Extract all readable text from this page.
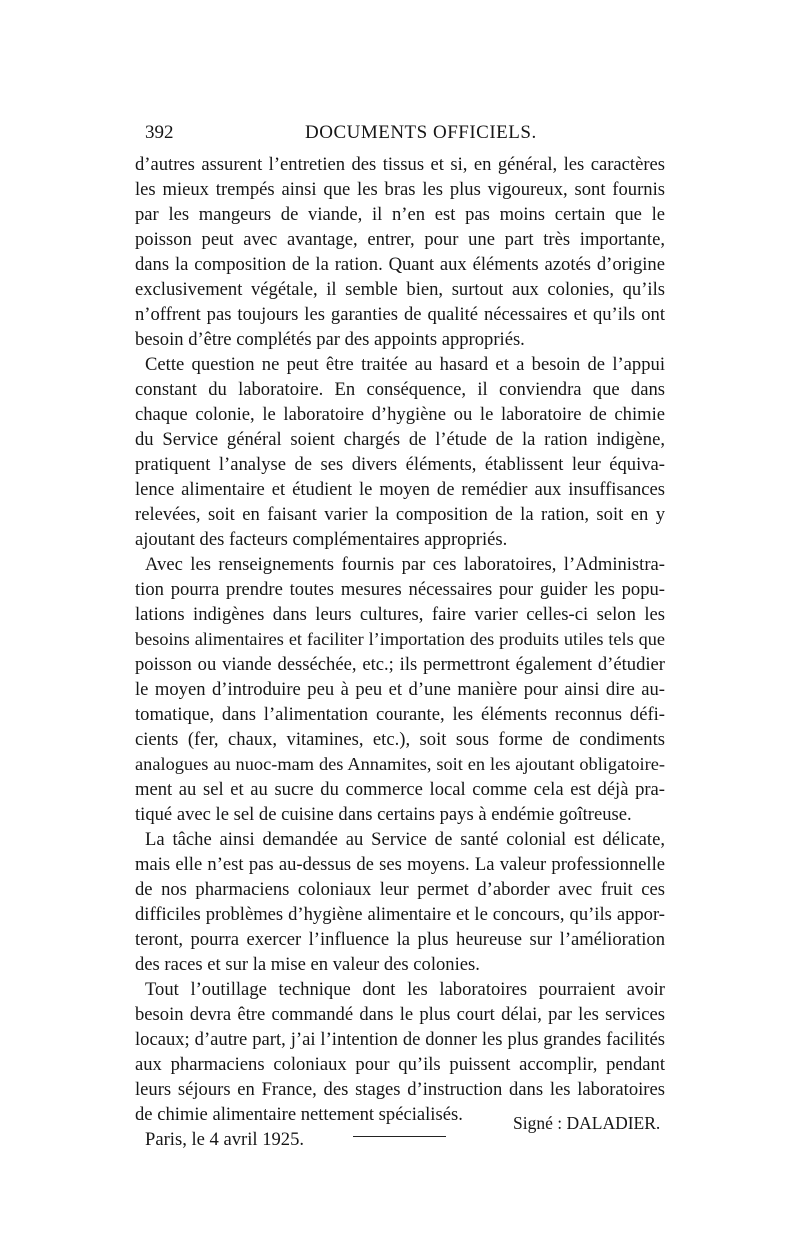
392	DOCUMENTS OFFICIELS.
d’autres assurent l’entretien des tissus et si, en général, les caractères
les mieux trempés ainsi que les bras les plus vigoureux, sont fournis
par les mangeurs de viande, il n’en est pas moins certain que le
poisson peut avec avantage, entrer, pour une part très importante,
dans la composition de la ration. Quant aux éléments azotés d’origine
exclusivement végétale, il semble bien, surtout aux colonies, qu’ils
n’offrent pas toujours les garanties de qualité nécessaires et qu’ils ont
besoin d’être complétés par des appoints appropriés.
Cette question ne peut être traitée au hasard et a besoin de l’appui
constant du laboratoire. En conséquence, il conviendra que dans
chaque colonie, le laboratoire d’hygiène ou le laboratoire de chimie
du Service général soient chargés de l’étude de la ration indigène,
pratiquent l’analyse de ses divers éléments, établissent leur équiva-
lence alimentaire et étudient le moyen de remédier aux insuffisances
relevées, soit en faisant varier la composition de la ration, soit en y
ajoutant des facteurs complémentaires appropriés.
Avec les renseignements fournis par ces laboratoires, l’Administra-
tion pourra prendre toutes mesures nécessaires pour guider les popu-
lations indigènes dans leurs cultures, faire varier celles-ci selon les
besoins alimentaires et faciliter l’importation des produits utiles tels que
poisson ou viande desséchée, etc.; ils permettront également d’étudier
le moyen d’introduire peu à peu et d’une manière pour ainsi dire au-
tomatique, dans l’alimentation courante, les éléments reconnus défi-
cients (fer, chaux, vitamines, etc.), soit sous forme de condiments
analogues au nuoc-mam des Annamites, soit en les ajoutant obligatoire-
ment au sel et au sucre du commerce local comme cela est déjà pra-
tiqué avec le sel de cuisine dans certains pays à endémie goîtreuse.
La tâche ainsi demandée au Service de santé colonial est délicate,
mais elle n’est pas au-dessus de ses moyens. La valeur professionnelle
de nos pharmaciens coloniaux leur permet d’aborder avec fruit ces
difficiles problèmes d’hygiène alimentaire et le concours, qu’ils appor-
teront, pourra exercer l’influence la plus heureuse sur l’amélioration
des races et sur la mise en valeur des colonies.
Tout l’outillage technique dont les laboratoires pourraient avoir
besoin devra être commandé dans le plus court délai, par les services
locaux; d’autre part, j’ai l’intention de donner les plus grandes facilités
aux pharmaciens coloniaux pour qu’ils puissent accomplir, pendant
leurs séjours en France, des stages d’instruction dans les laboratoires
de chimie alimentaire nettement spécialisés.
Paris, le 4 avril 1925.
Signé : DALADIER.
